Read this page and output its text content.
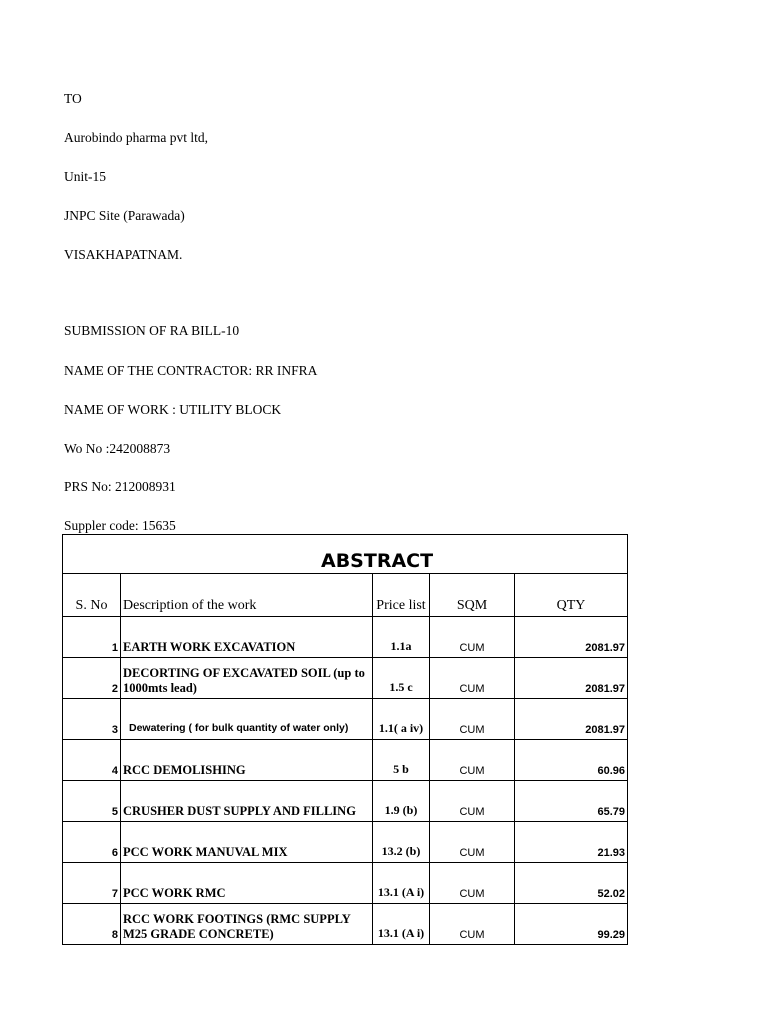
TO
Aurobindo pharma pvt ltd,
Unit-15
JNPC Site (Parawada)
VISAKHAPATNAM.
SUBMISSION OF RA BILL-10
NAME OF THE CONTRACTOR: RR INFRA
NAME OF WORK : UTILITY BLOCK
Wo No :242008873
PRS No: 212008931
Suppler code: 15635
ABSTRACT				
S. No	Description of the work	Price list	SQM	QTY
1	EARTH WORK EXCAVATION	1.1a	CUM	2081.97
2	DECORTING OF EXCAVATED SOIL (up to 1000mts lead)	1.5 c	CUM	2081.97
3	Dewatering ( for bulk quantity of water only)	1.1( a iv)	CUM	2081.97
4	RCC DEMOLISHING	5 b	CUM	60.96
5	CRUSHER DUST SUPPLY AND FILLING	1.9 (b)	CUM	65.79
6	PCC WORK MANUVAL MIX	13.2 (b)	CUM	21.93
7	PCC WORK RMC	13.1 (A i)	CUM	52.02
8	RCC WORK FOOTINGS (RMC SUPPLY M25 GRADE CONCRETE)	13.1 (A i)	CUM	99.29
